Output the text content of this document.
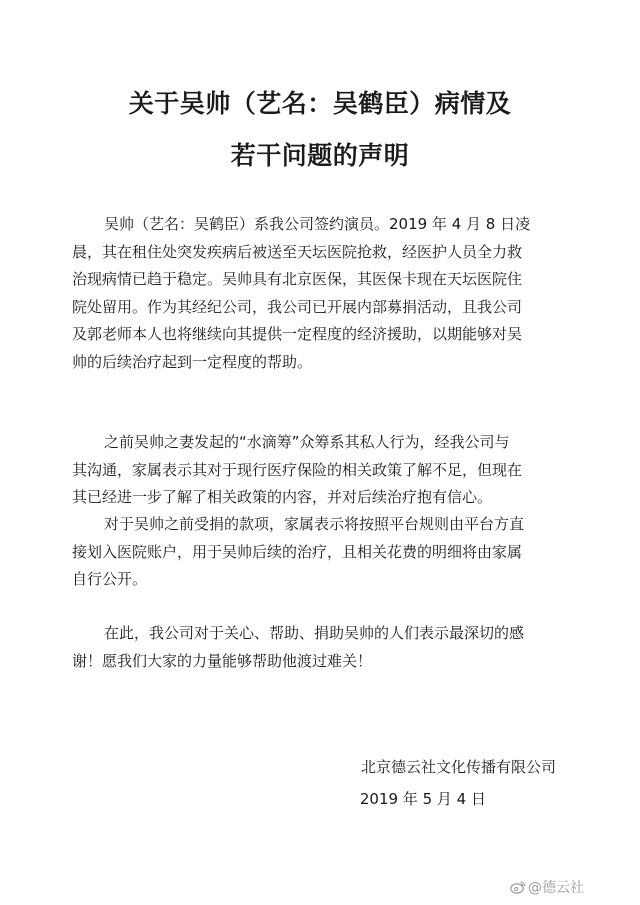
关于吴帅（艺名：吴鹤臣）病情及
若干问题的声明

吴帅（艺名：吴鹤臣）系我公司签约演员。2019 年 4 月 8 日凌
晨，其在租住处突发疾病后被送至天坛医院抢救，经医护人员全力救
治现病情已趋于稳定。吴帅具有北京医保，其医保卡现在天坛医院住
院处留用。作为其经纪公司，我公司已开展内部募捐活动，且我公司
及郭老师本人也将继续向其提供一定程度的经济援助，以期能够对吴
帅的后续治疗起到一定程度的帮助。

之前吴帅之妻发起的“水滴筹”众筹系其私人行为，经我公司与
其沟通，家属表示其对于现行医疗保险的相关政策了解不足，但现在
其已经进一步了解了相关政策的内容，并对后续治疗抱有信心。

对于吴帅之前受捐的款项，家属表示将按照平台规则由平台方直
接划入医院账户，用于吴帅后续的治疗，且相关花费的明细将由家属
自行公开。

在此，我公司对于关心、帮助、捐助吴帅的人们表示最深切的感
谢！愿我们大家的力量能够帮助他渡过难关！

北京德云社文化传播有限公司
2019 年 5 月 4 日
@德云社
